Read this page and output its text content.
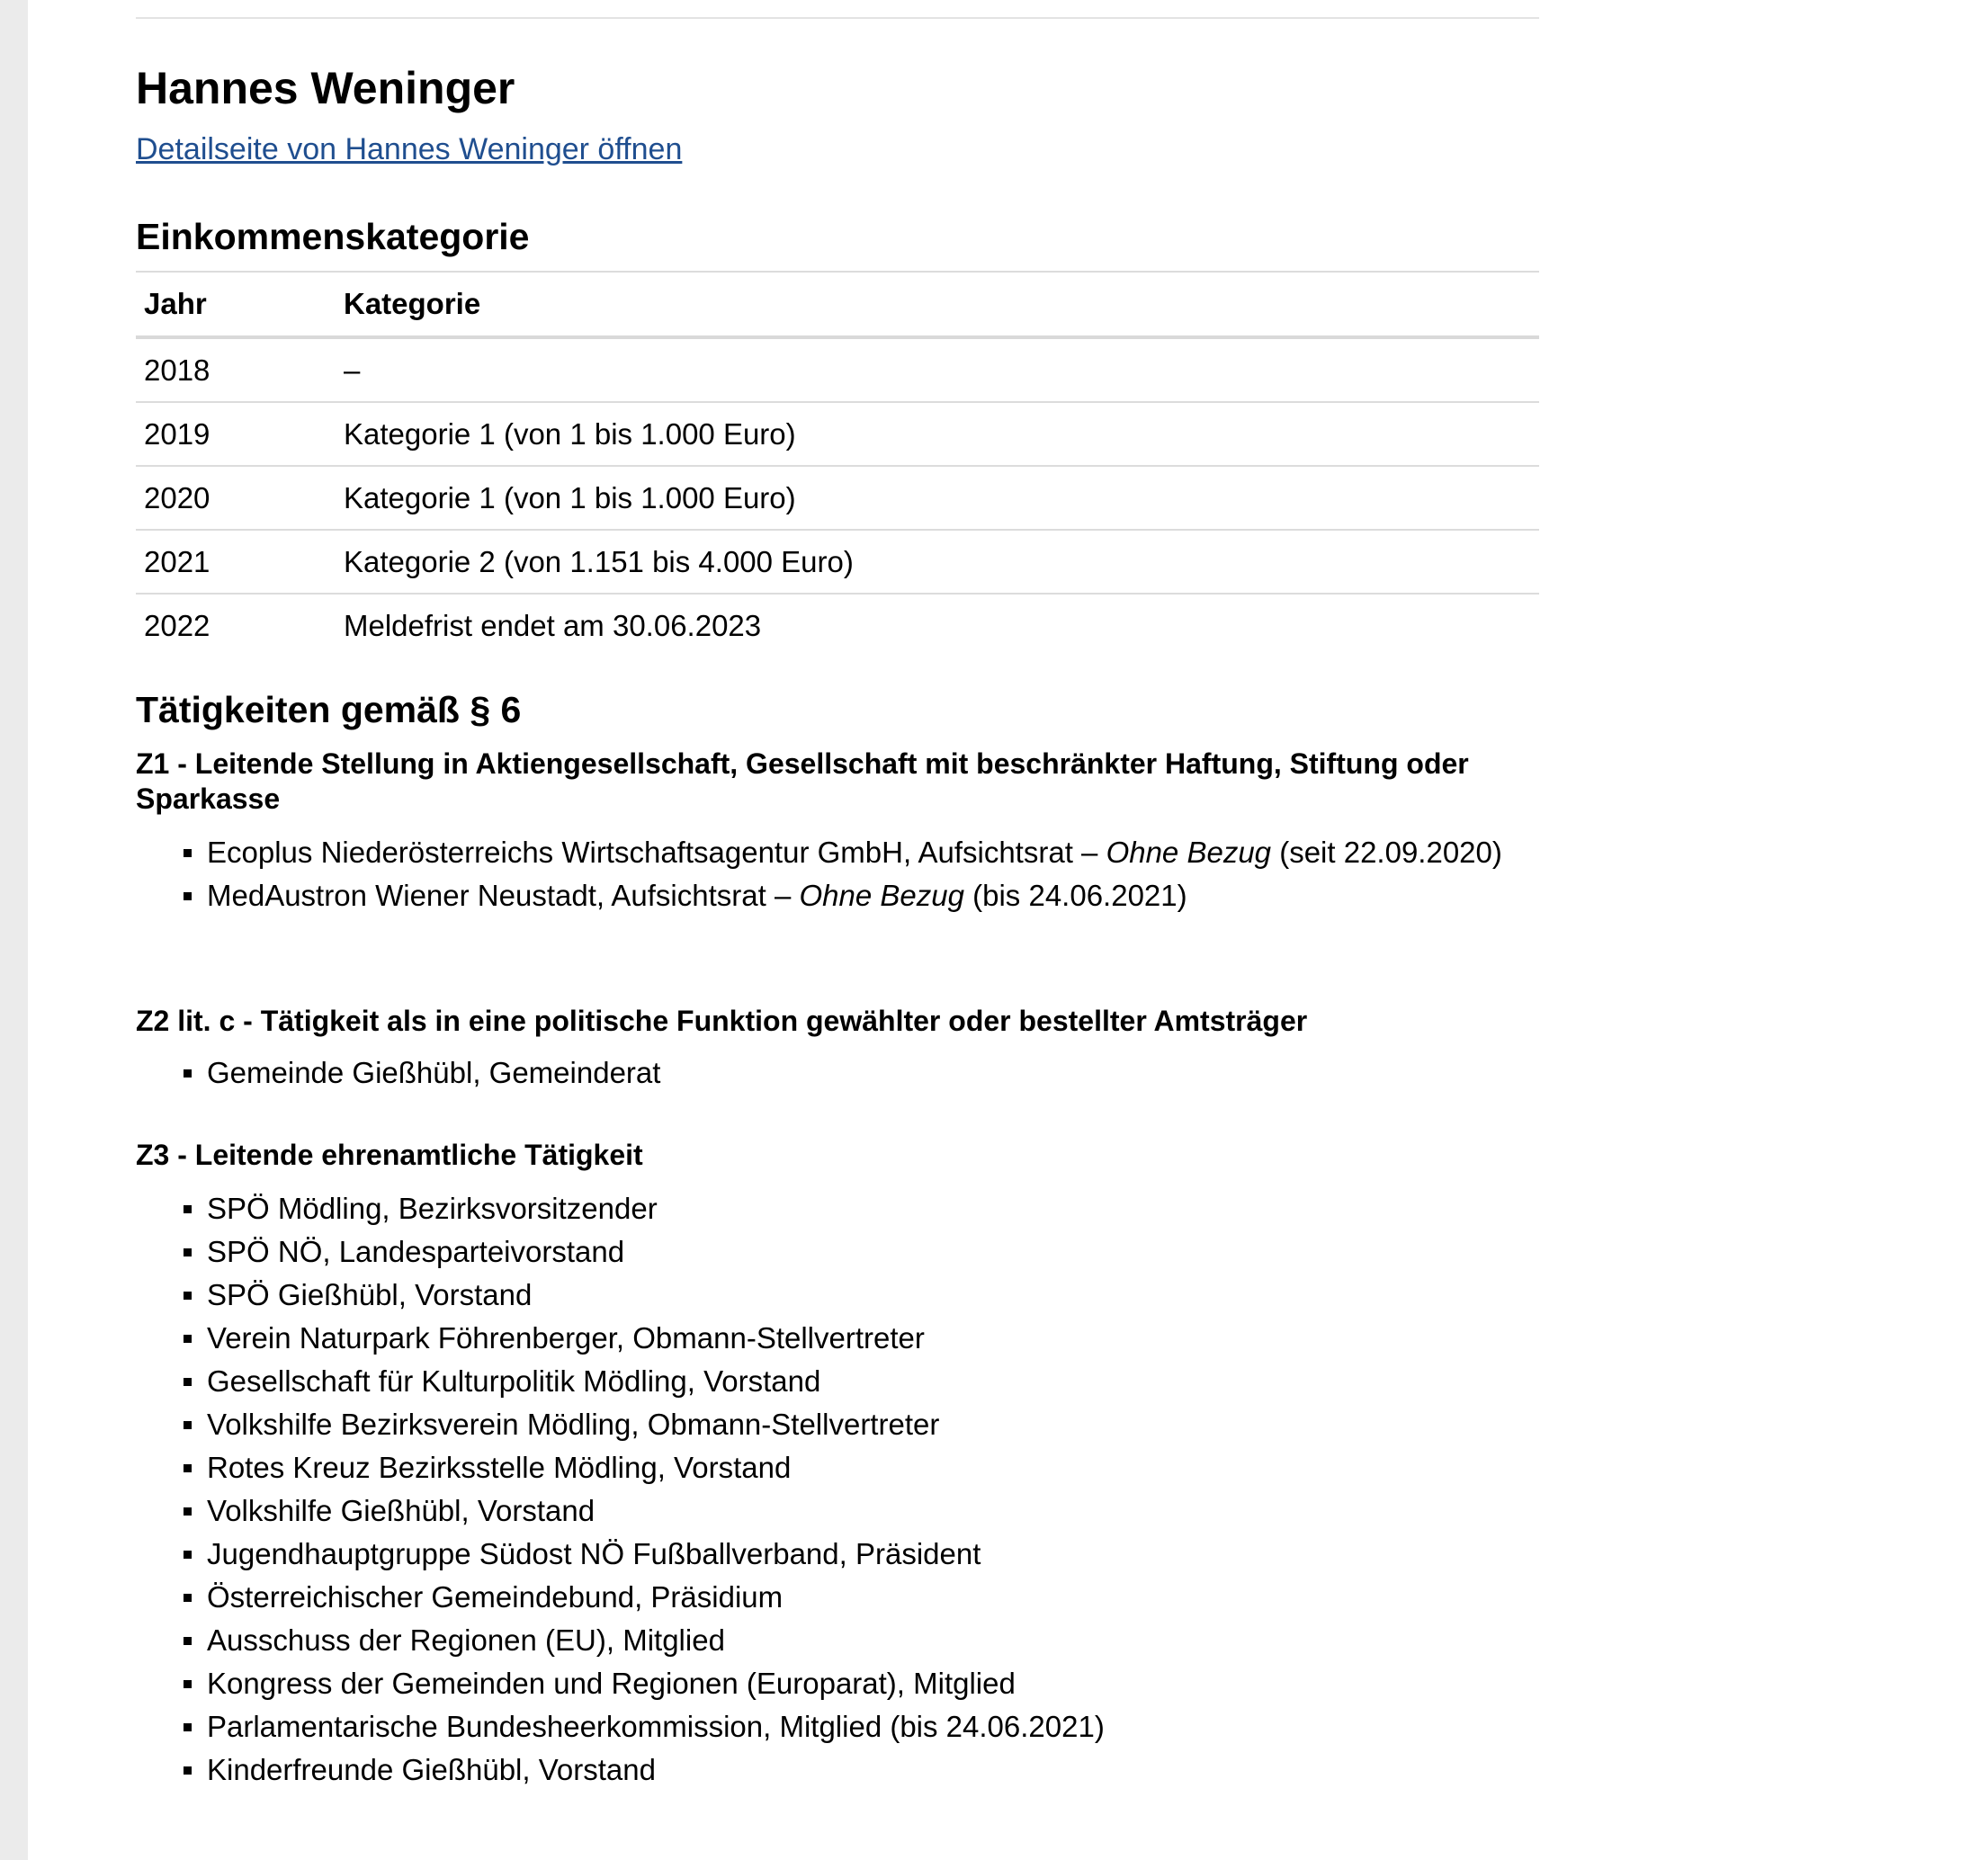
Hannes Weninger
Detailseite von Hannes Weninger öffnen
Einkommenskategorie
Jahr	Kategorie
2018	–
2019	Kategorie 1 (von 1 bis 1.000 Euro)
2020	Kategorie 1 (von 1 bis 1.000 Euro)
2021	Kategorie 2 (von 1.151 bis 4.000 Euro)
2022	Meldefrist endet am 30.06.2023
Tätigkeiten gemäß § 6
Z1 - Leitende Stellung in Aktiengesellschaft, Gesellschaft mit beschränkter Haftung, Stiftung oder Sparkasse
Ecoplus Niederösterreichs Wirtschaftsagentur GmbH, Aufsichtsrat – Ohne Bezug (seit 22.09.2020)
MedAustron Wiener Neustadt, Aufsichtsrat – Ohne Bezug (bis 24.06.2021)
Z2 lit. c - Tätigkeit als in eine politische Funktion gewählter oder bestellter Amtsträger
Gemeinde Gießhübl, Gemeinderat
Z3 - Leitende ehrenamtliche Tätigkeit
SPÖ Mödling, Bezirksvorsitzender
SPÖ NÖ, Landesparteivorstand
SPÖ Gießhübl, Vorstand
Verein Naturpark Föhrenberger, Obmann-Stellvertreter
Gesellschaft für Kulturpolitik Mödling, Vorstand
Volkshilfe Bezirksverein Mödling, Obmann-Stellvertreter
Rotes Kreuz Bezirksstelle Mödling, Vorstand
Volkshilfe Gießhübl, Vorstand
Jugendhauptgruppe Südost NÖ Fußballverband, Präsident
Österreichischer Gemeindebund, Präsidium
Ausschuss der Regionen (EU), Mitglied
Kongress der Gemeinden und Regionen (Europarat), Mitglied
Parlamentarische Bundesheerkommission, Mitglied (bis 24.06.2021)
Kinderfreunde Gießhübl, Vorstand
